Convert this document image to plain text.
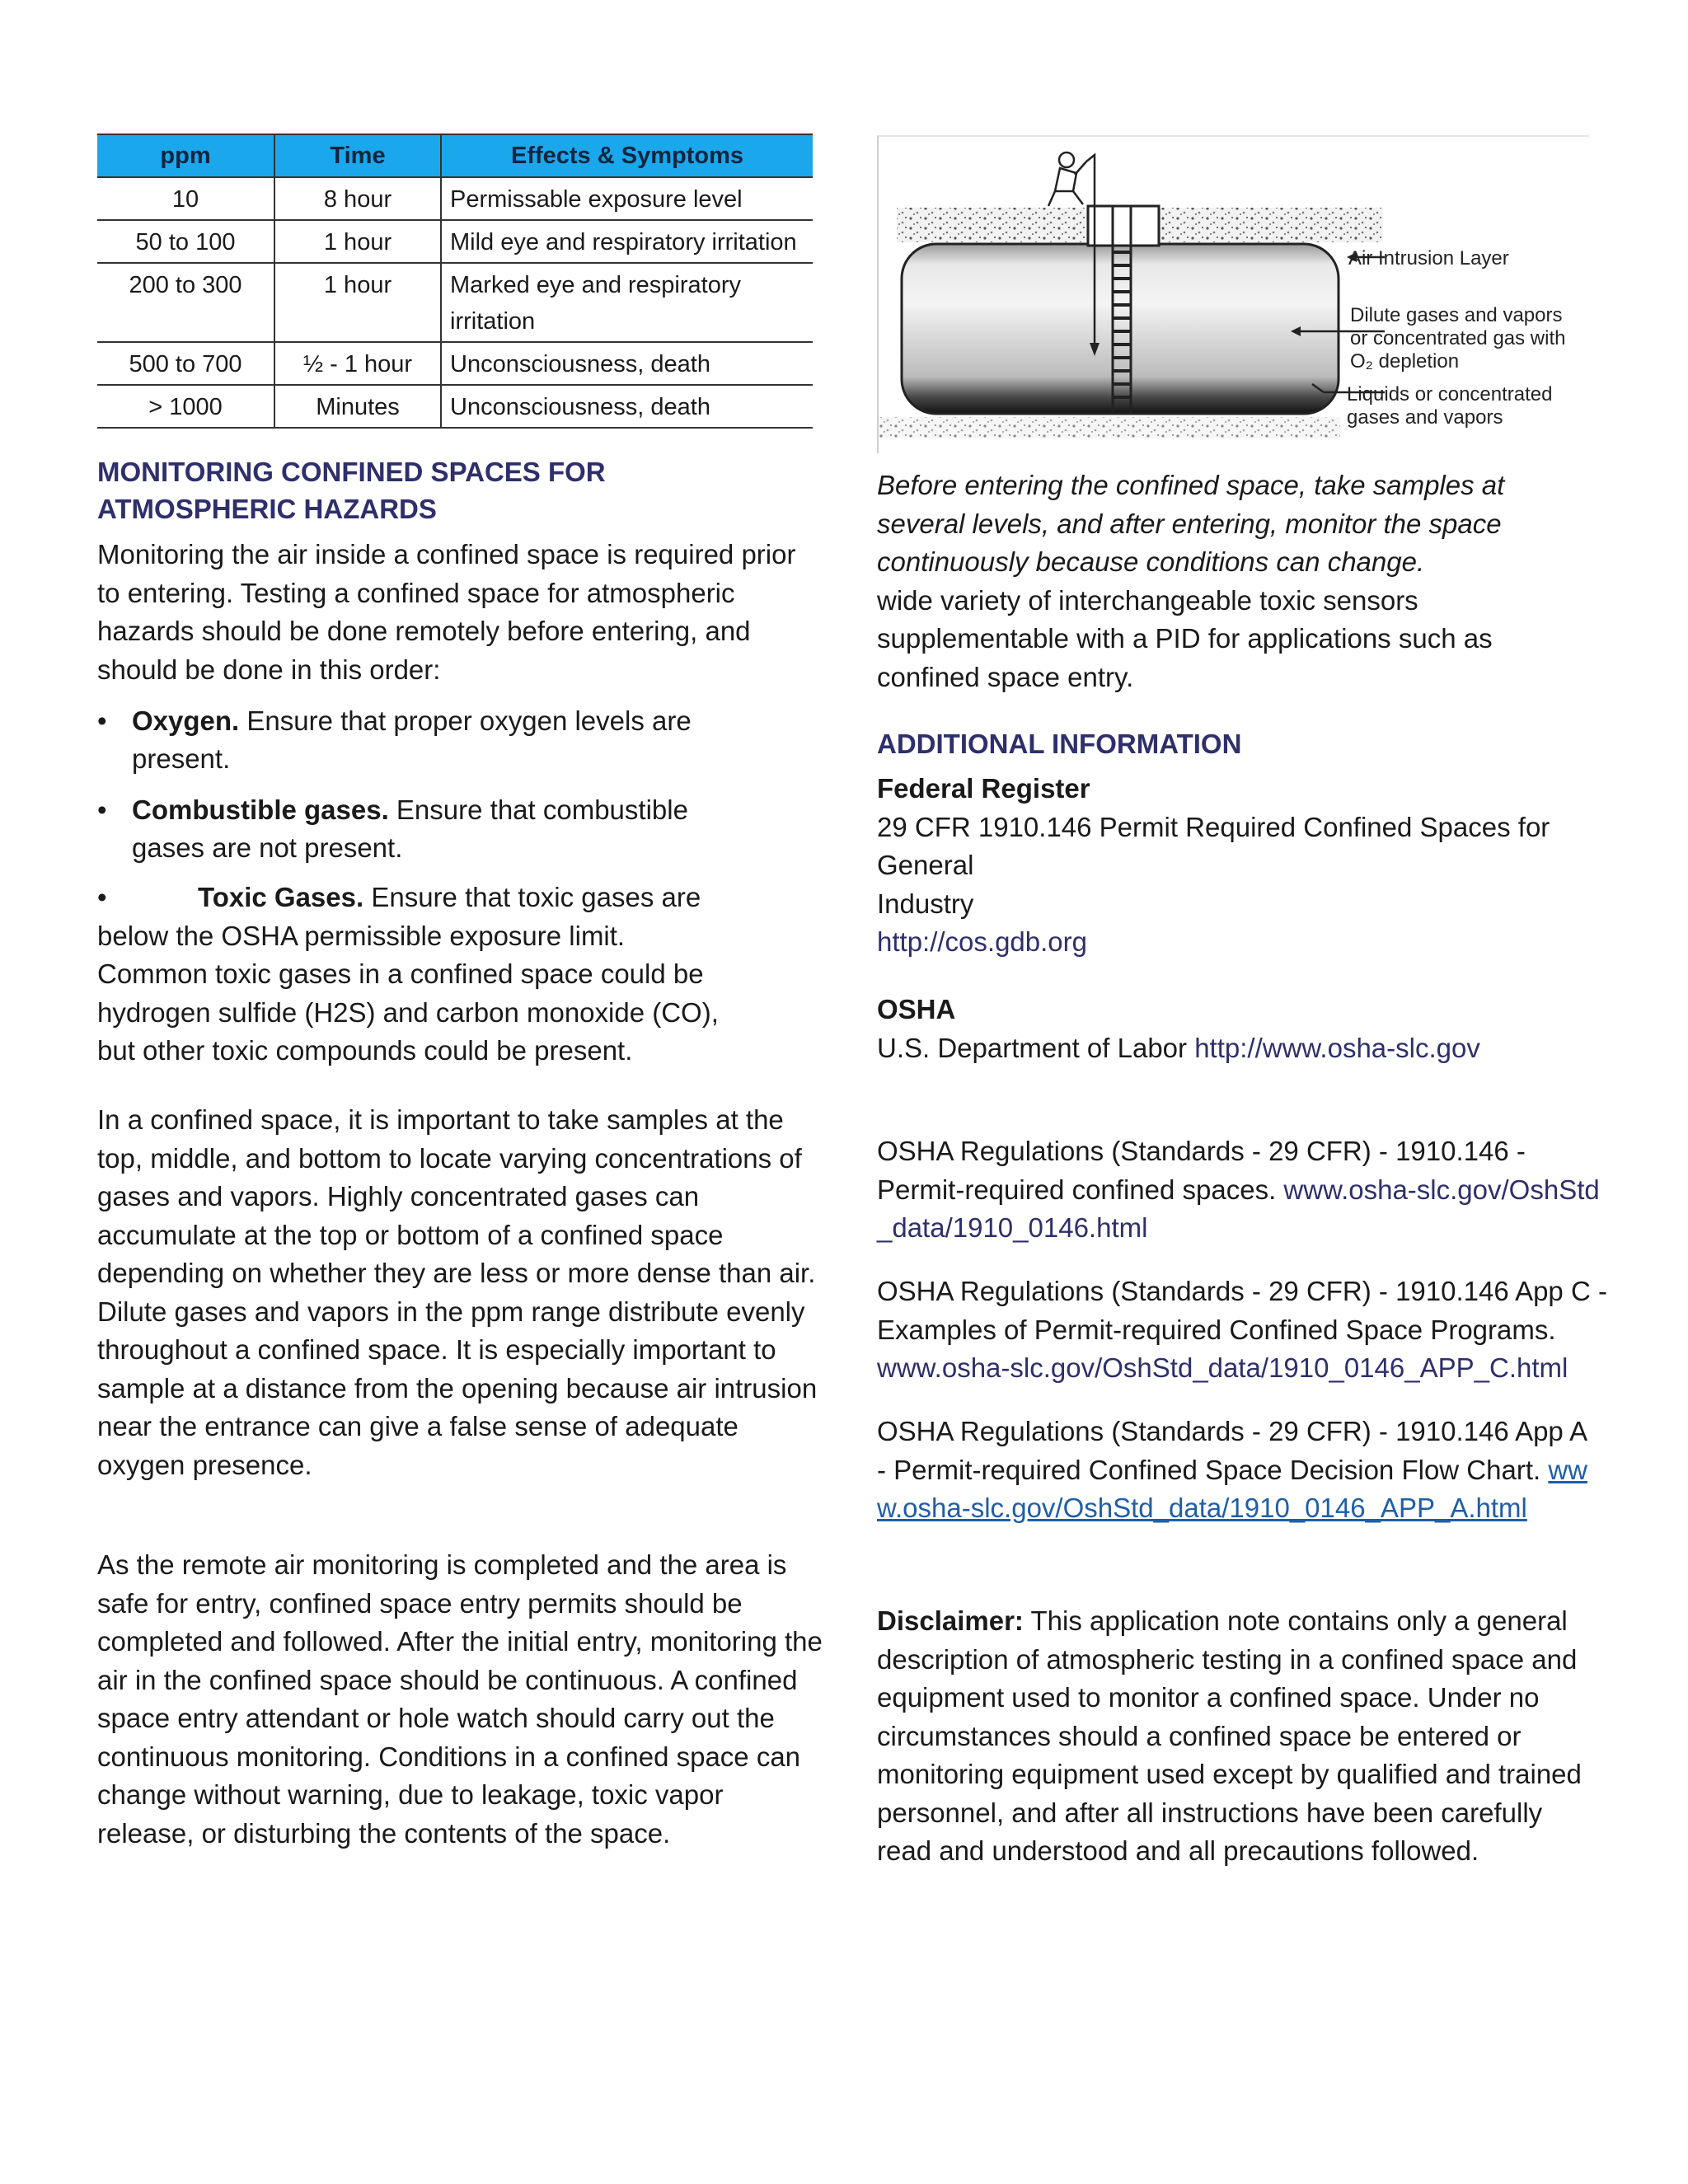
ppm	Time	Effects & Symptoms
10	8 hour	Permissable exposure level
50 to 100	1 hour	Mild eye and respiratory irritation
200 to 300	1 hour	Marked eye and respiratory irritation
500 to 700	½ - 1 hour	Unconsciousness, death
> 1000	Minutes	Unconsciousness, death
MONITORING CONFINED SPACES FOR ATMOSPHERIC HAZARDS

Monitoring the air inside a confined space is required prior to entering. Testing a confined space for atmospheric hazards should be done remotely before entering, and should be done in this order:

• Oxygen. Ensure that proper oxygen levels are present.
• Combustible gases. Ensure that combustible gases are not present.

•	Toxic Gases. Ensure that toxic gases are below the OSHA permissible exposure limit. Common toxic gases in a confined space could be hydrogen sulfide (H2S) and carbon monoxide (CO), but other toxic compounds could be present.

In a confined space, it is important to take samples at the top, middle, and bottom to locate varying concentrations of gases and vapors. Highly concentrated gases can accumulate at the top or bottom of a confined space depending on whether they are less or more dense than air. Dilute gases and vapors in the ppm range distribute evenly throughout a confined space. It is especially important to sample at a distance from the opening because air intrusion near the entrance can give a false sense of adequate oxygen presence.

As the remote air monitoring is completed and the area is safe for entry, confined space entry permits should be completed and followed. After the initial entry, monitoring the air in the confined space should be continuous. A confined space entry attendant or hole watch should carry out the continuous monitoring. Conditions in a confined space can change without warning, due to leakage, toxic vapor release, or disturbing the contents of the space.

Air Intrusion Layer
Dilute gases and vapors
or concentrated gas with
O₂ depletion
Liquids or concentrated
gases and vapors

Before entering the confined space, take samples at several levels, and after entering, monitor the space continuously because conditions can change.

wide variety of interchangeable toxic sensors supplementable with a PID for applications such as confined space entry.

ADDITIONAL INFORMATION

Federal Register

29 CFR 1910.146 Permit Required Confined Spaces for

General

Industry

http://cos.gdb.org

OSHA

U.S. Department of Labor http://www.osha-slc.gov

OSHA Regulations (Standards - 29 CFR) - 1910.146 - Permit-required confined spaces. www.osha-slc.gov/OshStd_data/1910_0146.html

OSHA Regulations (Standards - 29 CFR) - 1910.146 App C - Examples of Permit-required Confined Space Programs.
www.osha-slc.gov/OshStd_data/1910_0146_APP_C.html

OSHA Regulations (Standards - 29 CFR) - 1910.146 App A - Permit-required Confined Space Decision Flow Chart. www.osha-slc.gov/OshStd_data/1910_0146_APP_A.html

Disclaimer: This application note contains only a general description of atmospheric testing in a confined space and equipment used to monitor a confined space. Under no circumstances should a confined space be entered or monitoring equipment used except by qualified and trained personnel, and after all instructions have been carefully read and understood and all precautions followed.
